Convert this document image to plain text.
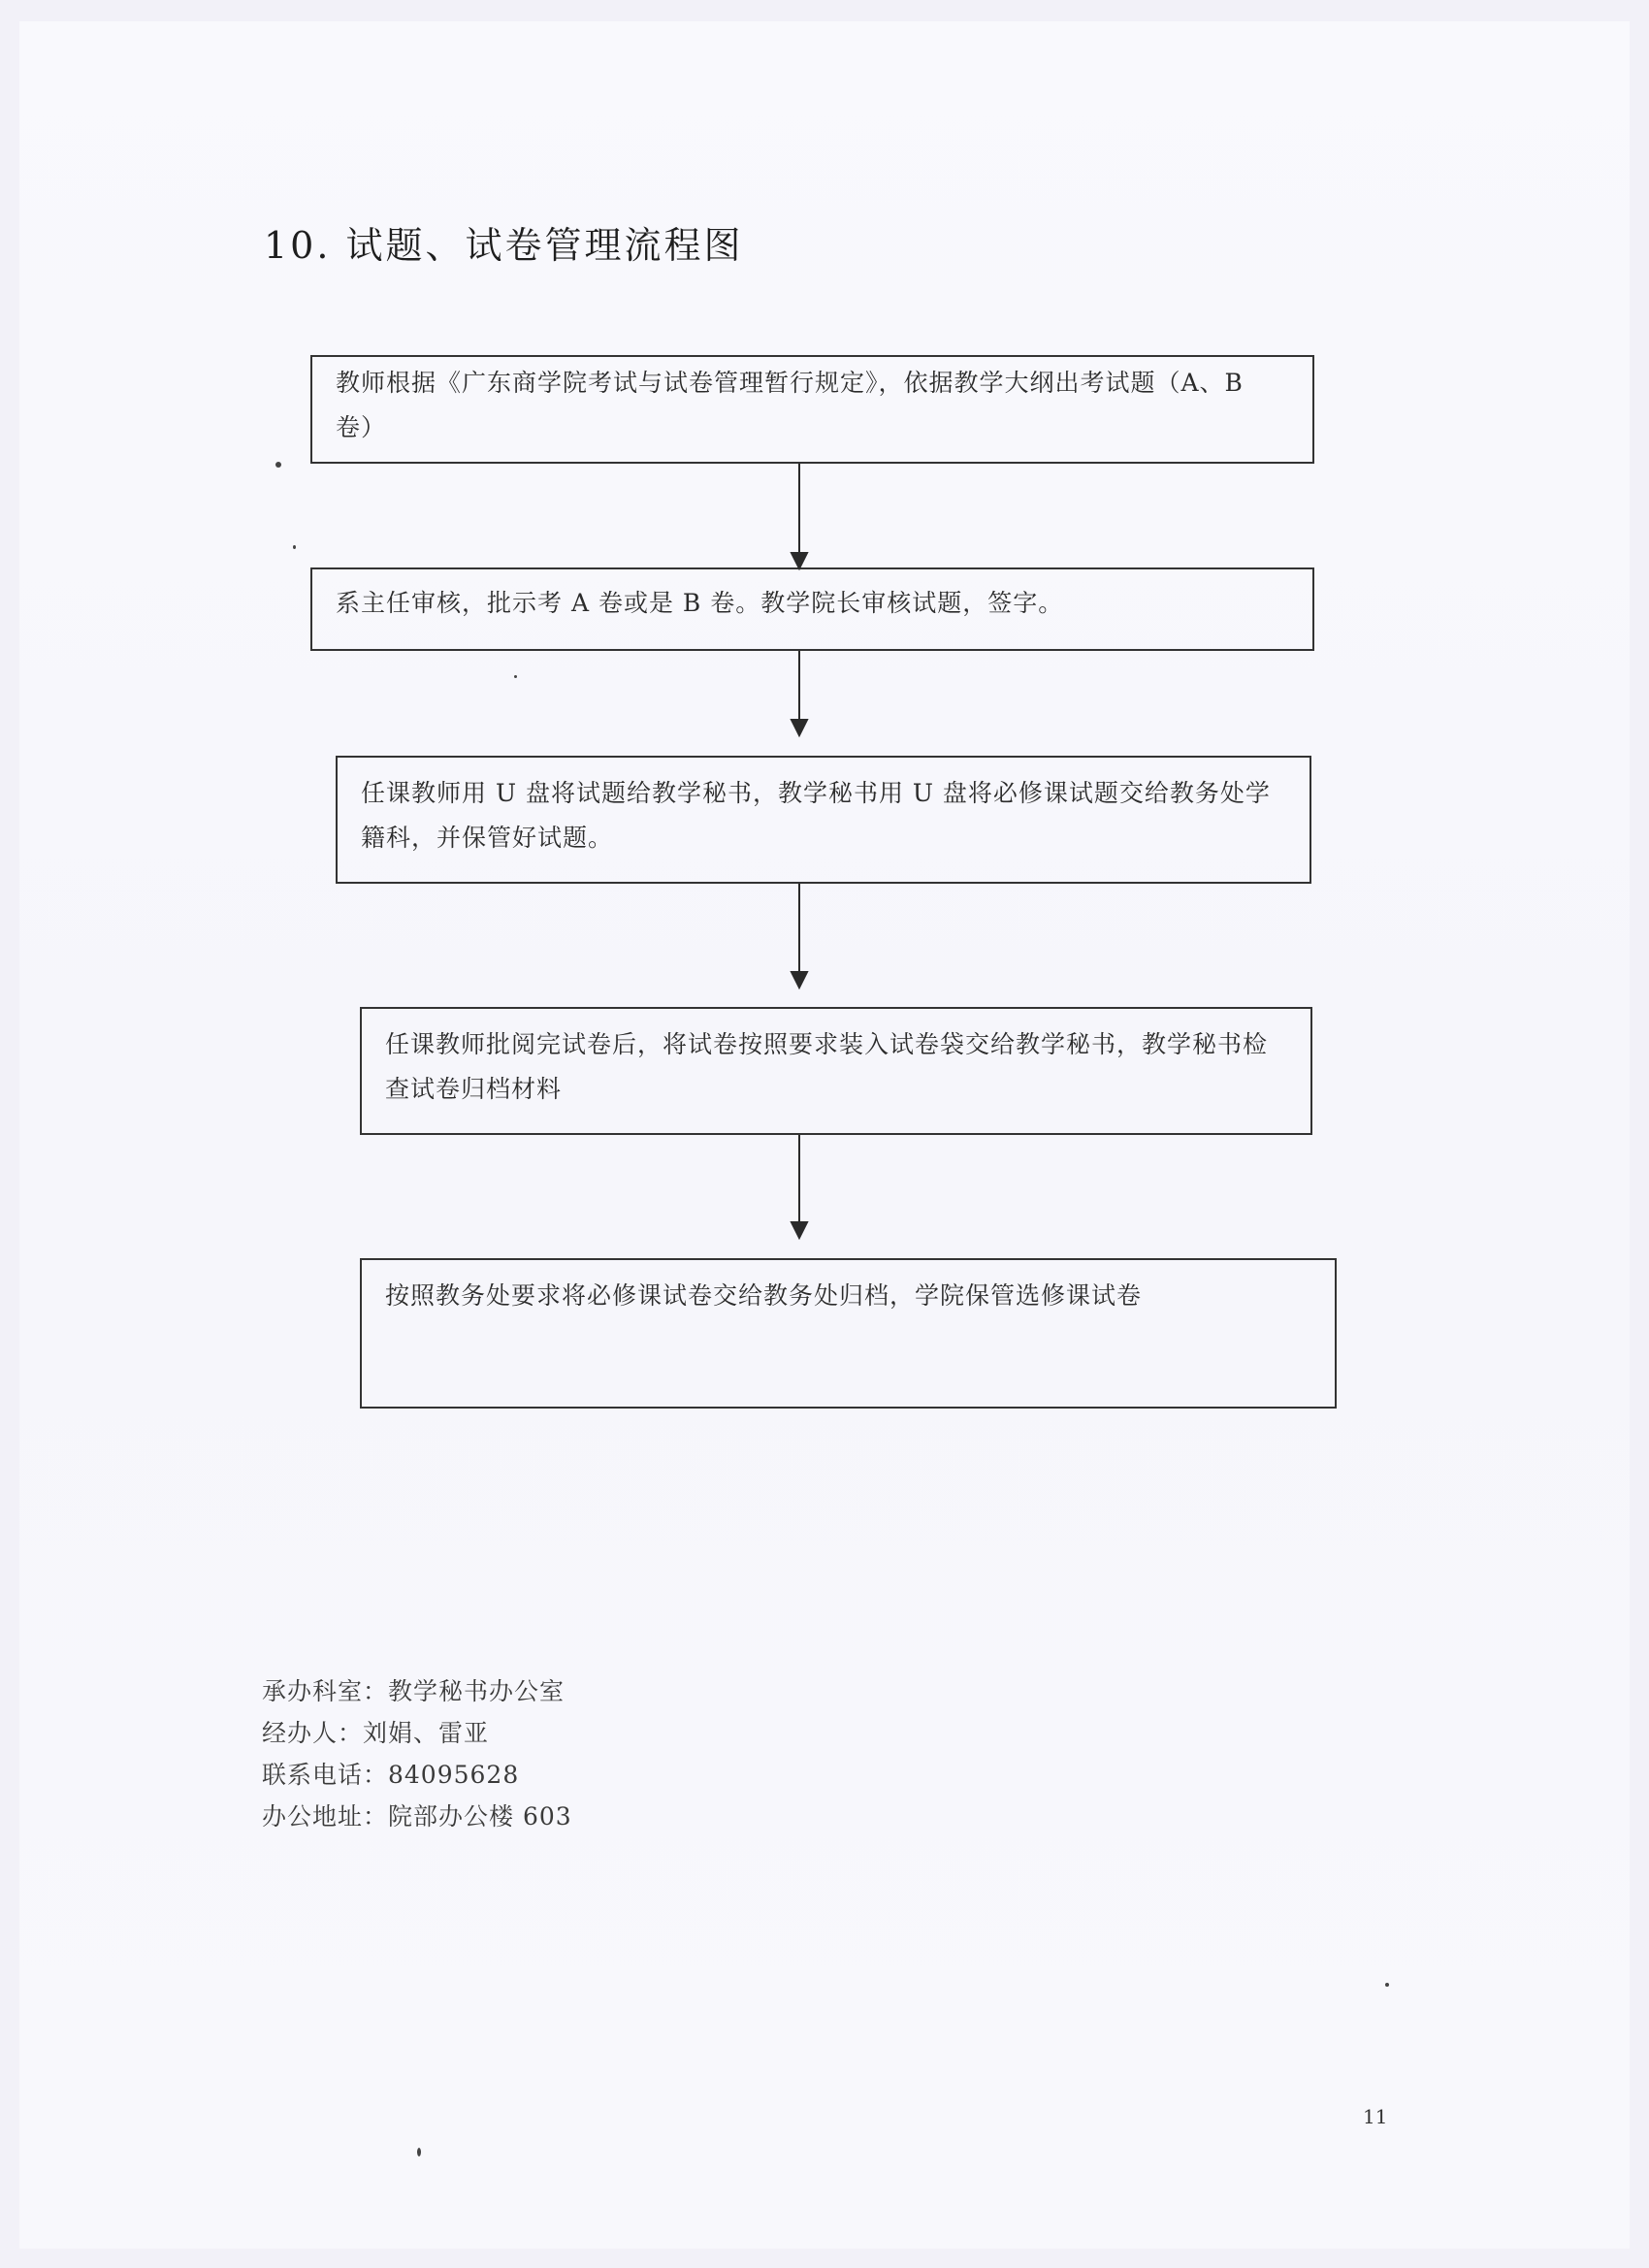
10. 试题、试卷管理流程图
教师根据《广东商学院考试与试卷管理暂行规定》，依据教学大纲出考试题（A、B 卷）
系主任审核，批示考 A 卷或是 B 卷。教学院长审核试题，签字。
任课教师用 U 盘将试题给教学秘书，教学秘书用 U 盘将必修课试题交给教务处学籍科，并保管好试题。
任课教师批阅完试卷后，将试卷按照要求装入试卷袋交给教学秘书，教学秘书检查试卷归档材料
按照教务处要求将必修课试卷交给教务处归档，学院保管选修课试卷
承办科室：教学秘书办公室
经办人：刘娟、雷亚
联系电话：84095628
办公地址：院部办公楼 603
11
